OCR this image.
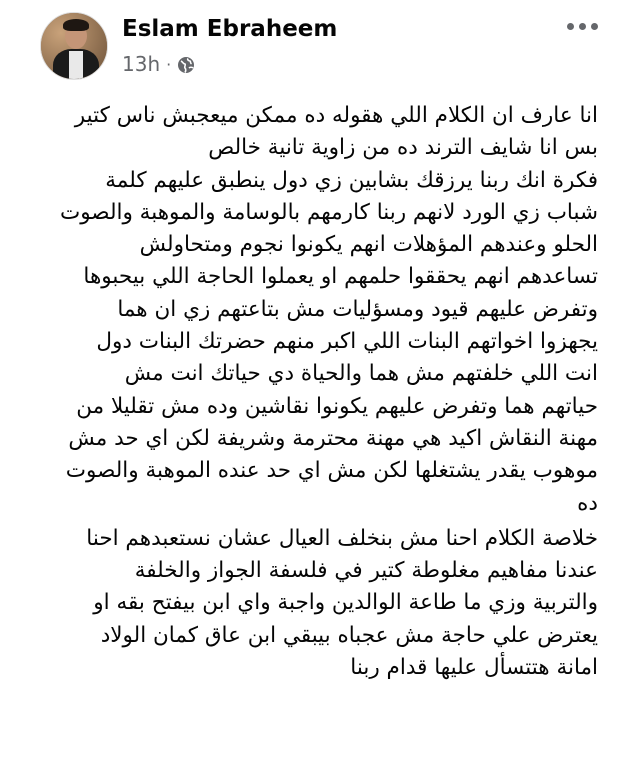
Eslam Ebraheem
13h ·

انا عارف ان الكلام اللي هقوله ده ممكن ميعجبش ناس كتير

بس انا شايف الترند ده من زاوية تانية خالص

فكرة انك ربنا يرزقك بشابين زي دول ينطبق عليهم كلمة

شباب زي الورد لانهم ربنا كارمهم بالوسامة والموهبة والصوت

الحلو وعندهم المؤهلات انهم يكونوا نجوم ومتحاولش

تساعدهم انهم يحققوا حلمهم او يعملوا الحاجة اللي بيحبوها

وتفرض عليهم قيود ومسؤليات مش بتاعتهم زي ان هما

يجهزوا اخواتهم البنات اللي اكبر منهم حضرتك البنات دول

انت اللي خلفتهم مش هما والحياة دي حياتك انت مش

حياتهم هما وتفرض عليهم يكونوا نقاشين وده مش تقليلا من

مهنة النقاش اكيد هي مهنة محترمة وشريفة لكن اي حد مش

موهوب يقدر يشتغلها لكن مش اي حد عنده الموهبة والصوت

ده

خلاصة الكلام احنا مش بنخلف العيال عشان نستعبدهم احنا

عندنا مفاهيم مغلوطة كتير في فلسفة الجواز والخلفة

والتربية وزي ما طاعة الوالدين واجبة واي ابن بيفتح بقه او

يعترض علي حاجة مش عجباه بيبقي ابن عاق كمان الولاد

امانة هتتسأل عليها قدام ربنا
